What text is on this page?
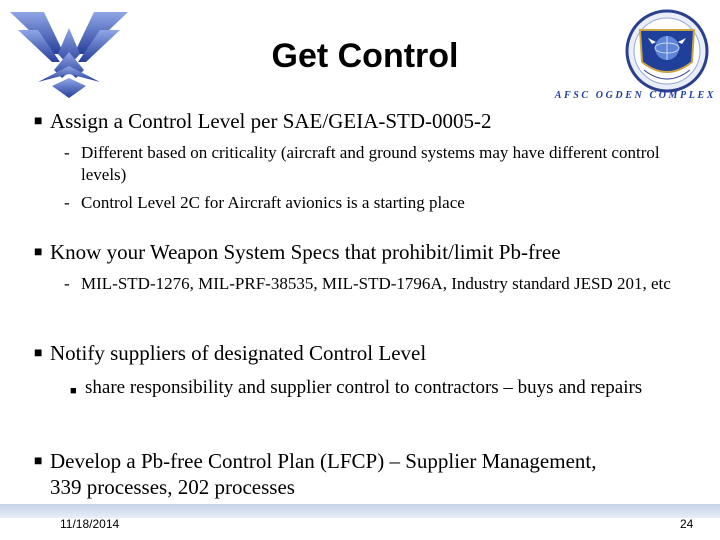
Get Control
AFSC OGDEN COMPLEX
■ Assign a Control Level per SAE/GEIA-STD-0005-2
- Different based on criticality (aircraft and ground systems may have different control levels)
- Control Level 2C for Aircraft avionics is a starting place
■ Know your Weapon System Specs that prohibit/limit Pb-free
- MIL-STD-1276, MIL-PRF-38535, MIL-STD-1796A, Industry standard JESD 201, etc
■ Notify suppliers of designated Control Level
■ share responsibility and supplier control to contractors – buys and repairs
■ Develop a Pb-free Control Plan (LFCP) – Supplier Management, 339 processes, 202 processes
11/18/2014	24
